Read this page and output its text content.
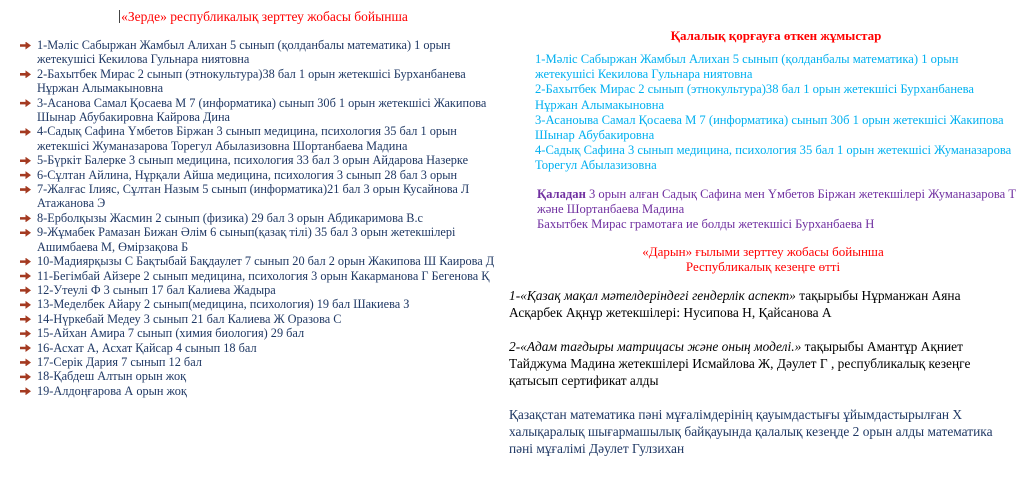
«Зерде» республикалық зерттеу жобасы бойынша
1-Мәліс Сабыржан Жамбыл Алихан 5 сынып (қолданбалы математика) 1 орын жетекушісі Кекилова Гульнара ниятовна
2-Бахытбек Мирас 2 сынып (этнокультура)38 бал 1 орын жетекшісі Бурханбанева Нұржан Алымакыновна
3-Асанова Самал Қосаева М 7 (информатика) сынып 30б 1 орын жетекшісі Жакипова Шынар Абубакировна Кайрова Дина
4-Садық Сафина Үмбетов Біржан 3 сынып медицина, психология 35 бал 1 орын жетекшісі Жуманазарова Торегул Абылазизовна Шортанбаева Мадина
5-Бүркіт Балерке 3 сынып медицина, психология 33 бал 3 орын Айдарова Назерке
6-Сұлтан Айлина, Нұрқали Айша медицина, психология 3 сынып 28 бал 3 орын
7-Жалғас Ілияс, Сұлтан Назым 5 сынып (информатика)21 бал 3 орын Кусайнова Л Атажанова Э
8-Ерболқызы Жасмин 2 сынып (физика) 29 бал 3 орын Абдикаримова В.с
9-Жұмабек Рамазан Бижан Әлім 6 сынып(қазақ тілі) 35 бал 3 орын жетекшілері Ашимбаева М, Өмірзақова Б
10-Мадиярқызы С Бақтыбай Бақдаулет 7 сынып 20 бал 2 орын Жакипова Ш Каирова Д
11-Бегімбай Айзере 2 сынып медицина, психология 3 орын Какарманова Г Бегенова Қ
12-Утеулі Ф 3 сынып 17 бал Калиева Жадыра
13-Меделбек Айару 2 сынып(медицина, психология) 19 бал Шакиева З
14-Нүркебай Медеу 3 сынып 21 бал Калиева Ж Оразова С
15-Айхан Амира 7 сынып (химия биология) 29 бал
16-Асхат А, Асхат Қайсар 4 сынып 18 бал
17-Серік Дария 7 сынып 12 бал
18-Қабдеш Алтын орын жоқ
19-Алдоңғарова А орын жоқ
Қалалық қорғауға өткен жұмыстар
1-Мәліс Сабыржан Жамбыл Алихан 5 сынып (қолданбалы математика) 1 орын жетекушісі Кекилова Гульнара ниятовна
2-Бахытбек Мирас 2 сынып (этнокультура)38 бал 1 орын жетекшісі Бурханбанева Нұржан Алымакыновна
3-Асаноыва Самал Қосаева М 7 (информатика) сынып 30б 1 орын жетекшісі Жакипова Шынар Абубакировна
4-Садық Сафина 3 сынып медицина, психология 35 бал 1 орын жетекшісі Жуманазарова Торегул Абылазизовна
Қаладан 3 орын алған Садық Сафина мен Үмбетов Біржан жетекшілері Жуманазарова Т және Шортанбаева Мадина
Бахытбек Мирас грамотаға ие болды жетекшісі Бурханбаева Н
«Дарын» ғылыми зерттеу жобасы бойынша
Республикалық кезеңге өтті
1-«Қазақ мақал мәтелдеріндегі гендерлік аспект» тақырыбы Нұрманжан Аяна Асқарбек Ақнұр жетекшілері: Нусипова Н, Қайсанова А
2-«Адам тағдыры матрицасы және оның моделі.» тақырыбы Амантұр Ақниет Тайджума Мадина жетекшілері Исмайлова Ж, Дәулет Г , республикалық кезеңге қатысып сертификат алды
Қазақстан математика пәні мұғалімдерінің қауымдастығы ұйымдастырылған Х халықаралық шығармашылық байқауында қалалық кезеңде 2 орын алды математика пәні мұғалімі Дәулет Гулзихан
